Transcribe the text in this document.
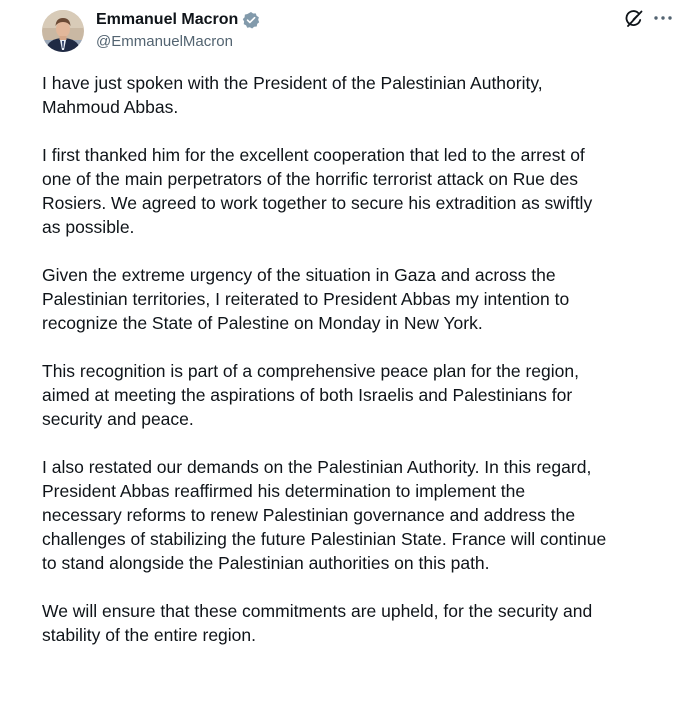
Emmanuel Macron
@EmmanuelMacron

I have just spoken with the President of the Palestinian Authority,
Mahmoud Abbas.

I first thanked him for the excellent cooperation that led to the arrest of
one of the main perpetrators of the horrific terrorist attack on Rue des
Rosiers. We agreed to work together to secure his extradition as swiftly
as possible.

Given the extreme urgency of the situation in Gaza and across the
Palestinian territories, I reiterated to President Abbas my intention to
recognize the State of Palestine on Monday in New York.

This recognition is part of a comprehensive peace plan for the region,
aimed at meeting the aspirations of both Israelis and Palestinians for
security and peace.

I also restated our demands on the Palestinian Authority. In this regard,
President Abbas reaffirmed his determination to implement the
necessary reforms to renew Palestinian governance and address the
challenges of stabilizing the future Palestinian State. France will continue
to stand alongside the Palestinian authorities on this path.

We will ensure that these commitments are upheld, for the security and
stability of the entire region.
